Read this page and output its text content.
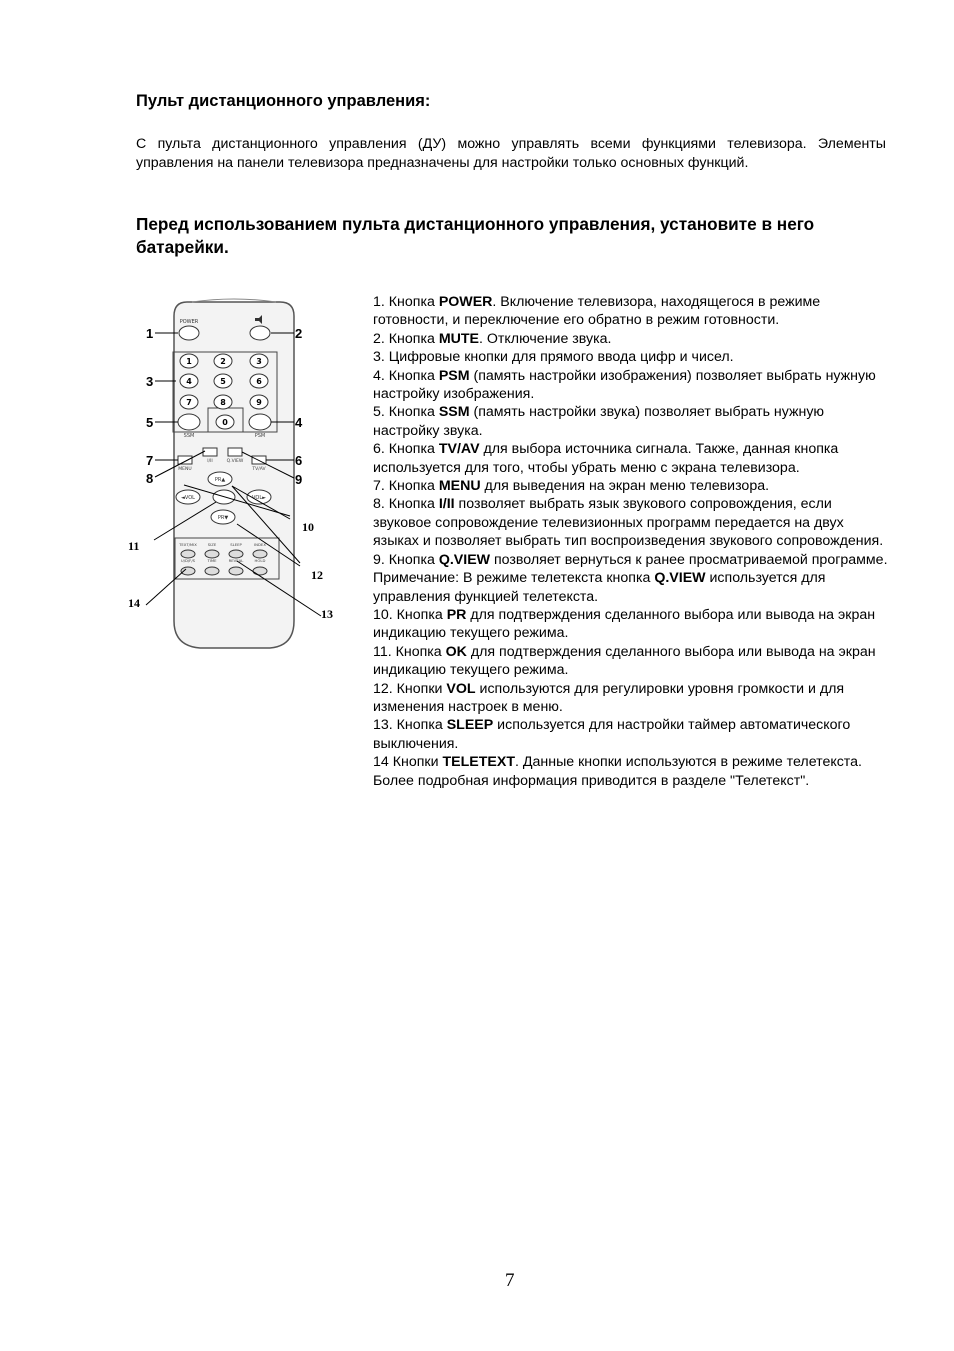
Пульт дистанционного управления:
С пульта дистанционного управления (ДУ) можно управлять всеми функциями телевизора. Элементы управления на панели телевизора предназначены для настройки только основных функций.
Перед использованием пульта дистанционного управления, установите в него батарейки.
POWER
1	2	3
4	5	6
7	8	9
0
SSM	PSM
MENU
I/II	Q.VIEW
TV/AV
PR▲
◄VOL	VOL►
PR▼
TEXT/MIX	SIZE	SLEEP	INDEX
U/D/F/S	TIME	REVEAL	HOLD
1	2
3
4
5
6
7
8	9
10
11
12
13
14
1. Кнопка POWER. Включение телевизора, находящегося в режиме готовности, и переключение его обратно в режим готовности.
2. Кнопка MUTE. Отключение звука.
3. Цифровые кнопки для прямого ввода цифр и чисел.
4. Кнопка PSM (память настройки изображения) позволяет выбрать нужную настройку изображения.
5. Кнопка SSM (память настройки звука) позволяет выбрать нужную настройку звука.
6. Кнопка TV/AV для выбора источника сигнала. Также, данная кнопка используется для того, чтобы убрать меню с экрана телевизора.
7. Кнопка MENU для выведения на экран меню телевизора.
8. Кнопка I/II позволяет выбрать язык звукового сопровождения, если звуковое сопровождение телевизионных программ передается на двух языках и позволяет выбрать тип воспроизведения звукового сопровождения.
9. Кнопка Q.VIEW позволяет вернуться к ранее просматриваемой программе. Примечание: В режиме телетекста кнопка Q.VIEW используется для управления функцией телетекста.
10. Кнопка PR для подтверждения сделанного выбора или вывода на экран индикацию текущего режима.
11. Кнопка OK для подтверждения сделанного выбора или вывода на экран индикацию текущего режима.
12. Кнопки VOL используются для регулировки уровня громкости и для изменения настроек в меню.
13. Кнопка SLEEP используется для настройки таймер автоматического выключения.
14 Кнопки TELETEXT. Данные кнопки используются в режиме телетекста. Более подробная информация приводится в разделе "Телетекст".
7
